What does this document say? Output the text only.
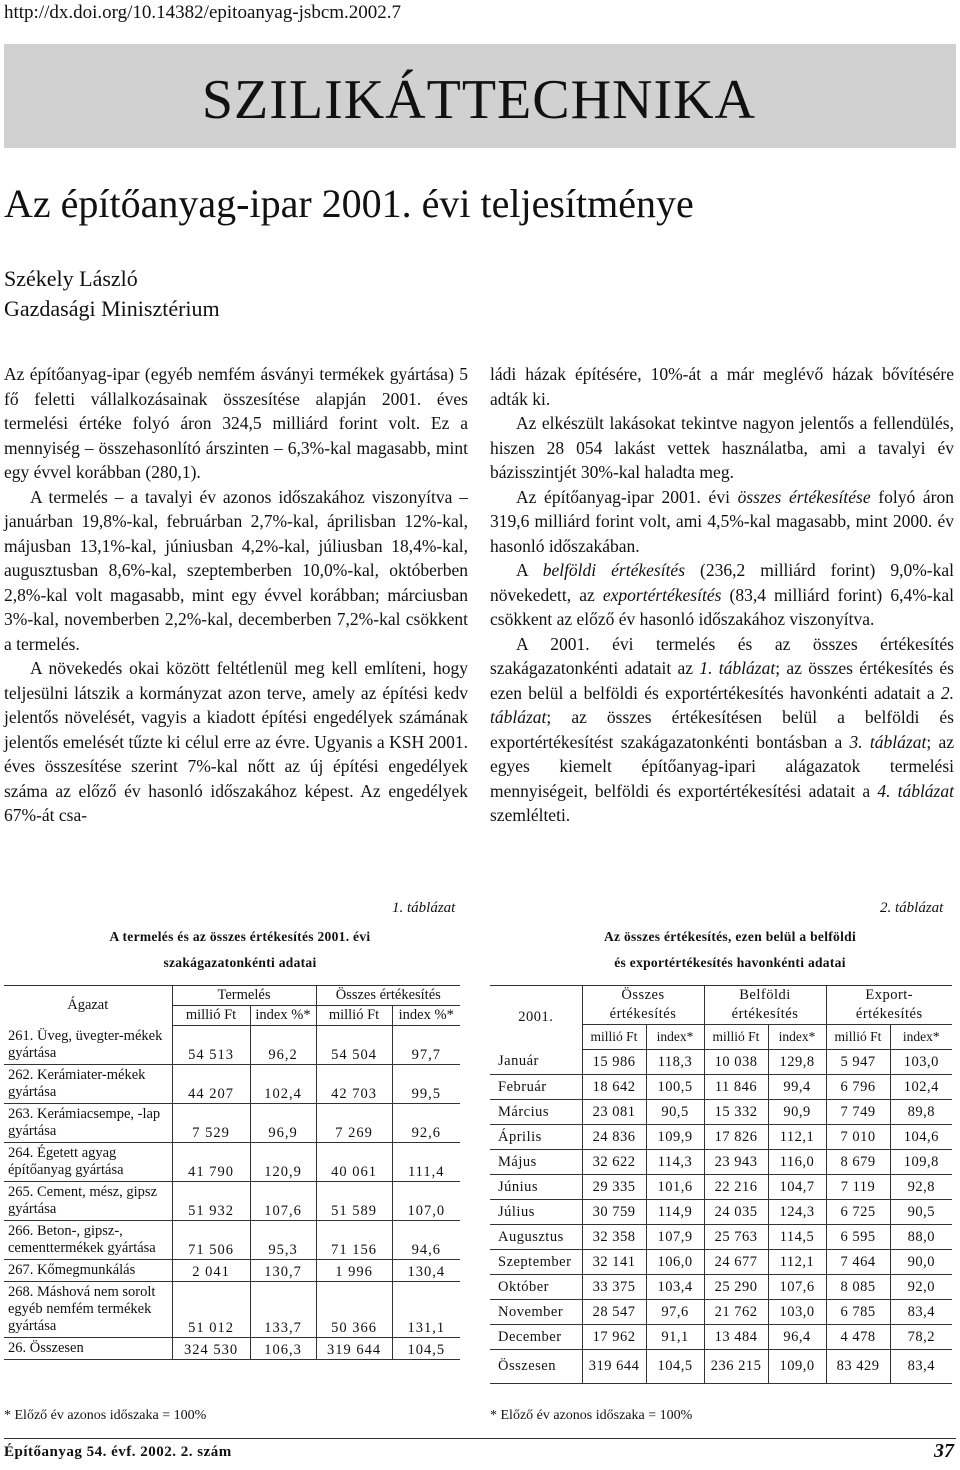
http://dx.doi.org/10.14382/epitoanyag-jsbcm.2002.7
SZILIKÁTTECHNIKA
Az építőanyag-ipar 2001. évi teljesítménye
Székely László
Gazdasági Minisztérium

Az építőanyag-ipar (egyéb nemfém ásványi termékek gyártása) 5 fő feletti vállalkozásainak összesítése alapján 2001. éves termelési értéke folyó áron 324,5 milliárd forint volt. Ez a mennyiség – összehasonlító árszinten – 6,3%-kal magasabb, mint egy évvel korábban (280,1).

A termelés – a tavalyi év azonos időszakához viszonyítva – januárban 19,8%-kal, februárban 2,7%-kal, áprilisban 12%-kal, májusban 13,1%-kal, júniusban 4,2%-kal, júliusban 18,4%-kal, augusztusban 8,6%-kal, szeptemberben 10,0%-kal, októberben 2,8%-kal volt magasabb, mint egy évvel korábban; márciusban 3%-kal, novemberben 2,2%-kal, decemberben 7,2%-kal csökkent a termelés.

A növekedés okai között feltétlenül meg kell említeni, hogy teljesülni látszik a kormányzat azon terve, amely az építési kedv jelentős növelését, vagyis a kiadott építési engedélyek számának jelentős emelését tűzte ki célul erre az évre. Ugyanis a KSH 2001. éves összesítése szerint 7%-kal nőtt az új építési engedélyek száma az előző év hasonló időszakához képest. Az engedélyek 67%-át csa-

ládi házak építésére, 10%-át a már meglévő házak bővítésére adták ki.

Az elkészült lakásokat tekintve nagyon jelentős a fellendülés, hiszen 28 054 lakást vettek használatba, ami a tavalyi év bázisszintjét 30%-kal haladta meg.

Az építőanyag-ipar 2001. évi összes értékesítése folyó áron 319,6 milliárd forint volt, ami 4,5%-kal magasabb, mint 2000. év hasonló időszakában.

A belföldi értékesítés (236,2 milliárd forint) 9,0%-kal növekedett, az exportértékesítés (83,4 milliárd forint) 6,4%-kal csökkent az előző év hasonló időszakához viszonyítva.

A 2001. évi termelés és az összes értékesítés szakágazatonkénti adatait az 1. táblázat; az összes értékesítés és ezen belül a belföldi és exportértékesítés havonkénti adatait a 2. táblázat; az összes értékesítésen belül a belföldi és exportértékesítést szakágazatonkénti bontásban a 3. táblázat; az egyes kiemelt építőanyag-ipari alágazatok termelési mennyiségeit, belföldi és exportértékesítési adatait a 4. táblázat szemlélteti.

1. táblázat
A termelés és az összes értékesítés 2001. évi
szakágazatonkénti adatai
Ágazat	Termelés		Összes értékesítés	
	millió Ft	index %*	millió Ft	index %*
261. Üveg, üvegter-mékek gyártása	54 513	96,2	54 504	97,7
262. Kerámiater-mékek gyártása	44 207	102,4	42 703	99,5
263. Kerámiacsempe, -lap gyártása	7 529	96,9	7 269	92,6
264. Égetett agyag építőanyag gyártása	41 790	120,9	40 061	111,4
265. Cement, mész, gipsz gyártása	51 932	107,6	51 589	107,0
266. Beton-, gipsz-, cementtermékek gyártása	71 506	95,3	71 156	94,6
267. Kőmegmunkálás	2 041	130,7	1 996	130,4
268. Máshová nem sorolt egyéb nemfém termékek gyártása	51 012	133,7	50 366	131,1
26. Összesen	324 530	106,3	319 644	104,5
* Előző év azonos időszaka = 100%
2. táblázat
Az összes értékesítés, ezen belül a belföldi
és exportértékesítés havonkénti adatai
2001.	Összes értékesítés		Belföldi értékesítés		Export-értékesítés	
	millió Ft	index*	millió Ft	index*	millió Ft	index*
Január	15 986	118,3	10 038	129,8	5 947	103,0
Február	18 642	100,5	11 846	99,4	6 796	102,4
Március	23 081	90,5	15 332	90,9	7 749	89,8
Április	24 836	109,9	17 826	112,1	7 010	104,6
Május	32 622	114,3	23 943	116,0	8 679	109,8
Június	29 335	101,6	22 216	104,7	7 119	92,8
Július	30 759	114,9	24 035	124,3	6 725	90,5
Augusztus	32 358	107,9	25 763	114,5	6 595	88,0
Szeptember	32 141	106,0	24 677	112,1	7 464	90,0
Október	33 375	103,4	25 290	107,6	8 085	92,0
November	28 547	97,6	21 762	103,0	6 785	83,4
December	17 962	91,1	13 484	96,4	4 478	78,2
Összesen	319 644	104,5	236 215	109,0	83 429	83,4
* Előző év azonos időszaka = 100%
Építőanyag 54. évf. 2002. 2. szám	37
